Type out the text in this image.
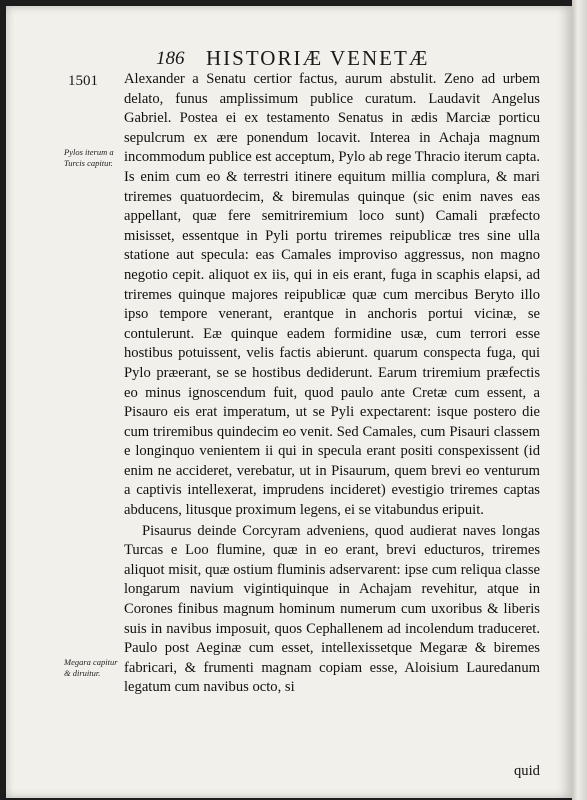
186 HISTORIÆ VENETÆ
1501
Pylos iterum a Turcis capitur.
Megara capitur & diruitur.

Alexander a Senatu certior factus, aurum abstulit. Zeno ad urbem delato, funus amplissimum publice curatum. Laudavit Angelus Gabriel. Postea ei ex testamento Senatus in ædis Marciæ porticu sepulcrum ex ære ponendum locavit. Interea in Achaja magnum incommodum publice est acceptum, Pylo ab rege Thracio iterum capta. Is enim cum eo & terrestri itinere equitum millia complura, & mari triremes quatuordecim, & biremulas quinque (sic enim naves eas appellant, quæ fere semitriremium loco sunt) Camali præfecto misisset, essentque in Pyli portu triremes reipublicæ tres sine ulla statione aut specula: eas Camales improviso aggressus, non magno negotio cepit. aliquot ex iis, qui in eis erant, fuga in scaphis elapsi, ad triremes quinque majores reipublicæ quæ cum mercibus Beryto illo ipso tempore venerant, erantque in anchoris portui vicinæ, se contulerunt. Eæ quinque eadem formidine usæ, cum terrori esse hostibus potuissent, velis factis abierunt. quarum conspecta fuga, qui Pylo præerant, se se hostibus dediderunt. Earum triremium præfectis eo minus ignoscendum fuit, quod paulo ante Cretæ cum essent, a Pisauro eis erat imperatum, ut se Pyli expectarent: isque postero die cum triremibus quindecim eo venit. Sed Camales, cum Pisauri classem e longinquo venientem ii qui in specula erant positi conspexissent (id enim ne accideret, verebatur, ut in Pisaurum, quem brevi eo venturum a captivis intellexerat, imprudens incideret) evestigio triremes captas abducens, litusque proximum legens, ei se vitabundus eripuit.

Pisaurus deinde Corcyram adveniens, quod audierat naves longas Turcas e Loo flumine, quæ in eo erant, brevi educturos, triremes aliquot misit, quæ ostium fluminis adservarent: ipse cum reliqua classe longarum navium vigintiquinque in Achajam revehitur, atque in Corones finibus magnum hominum numerum cum uxoribus & liberis suis in navibus imposuit, quos Cephallenem ad incolendum traduceret. Paulo post Aeginæ cum esset, intellexissetque Megaræ & biremes fabricari, & frumenti magnam copiam esse, Aloisium Lauredanum legatum cum navibus octo, si

quid
